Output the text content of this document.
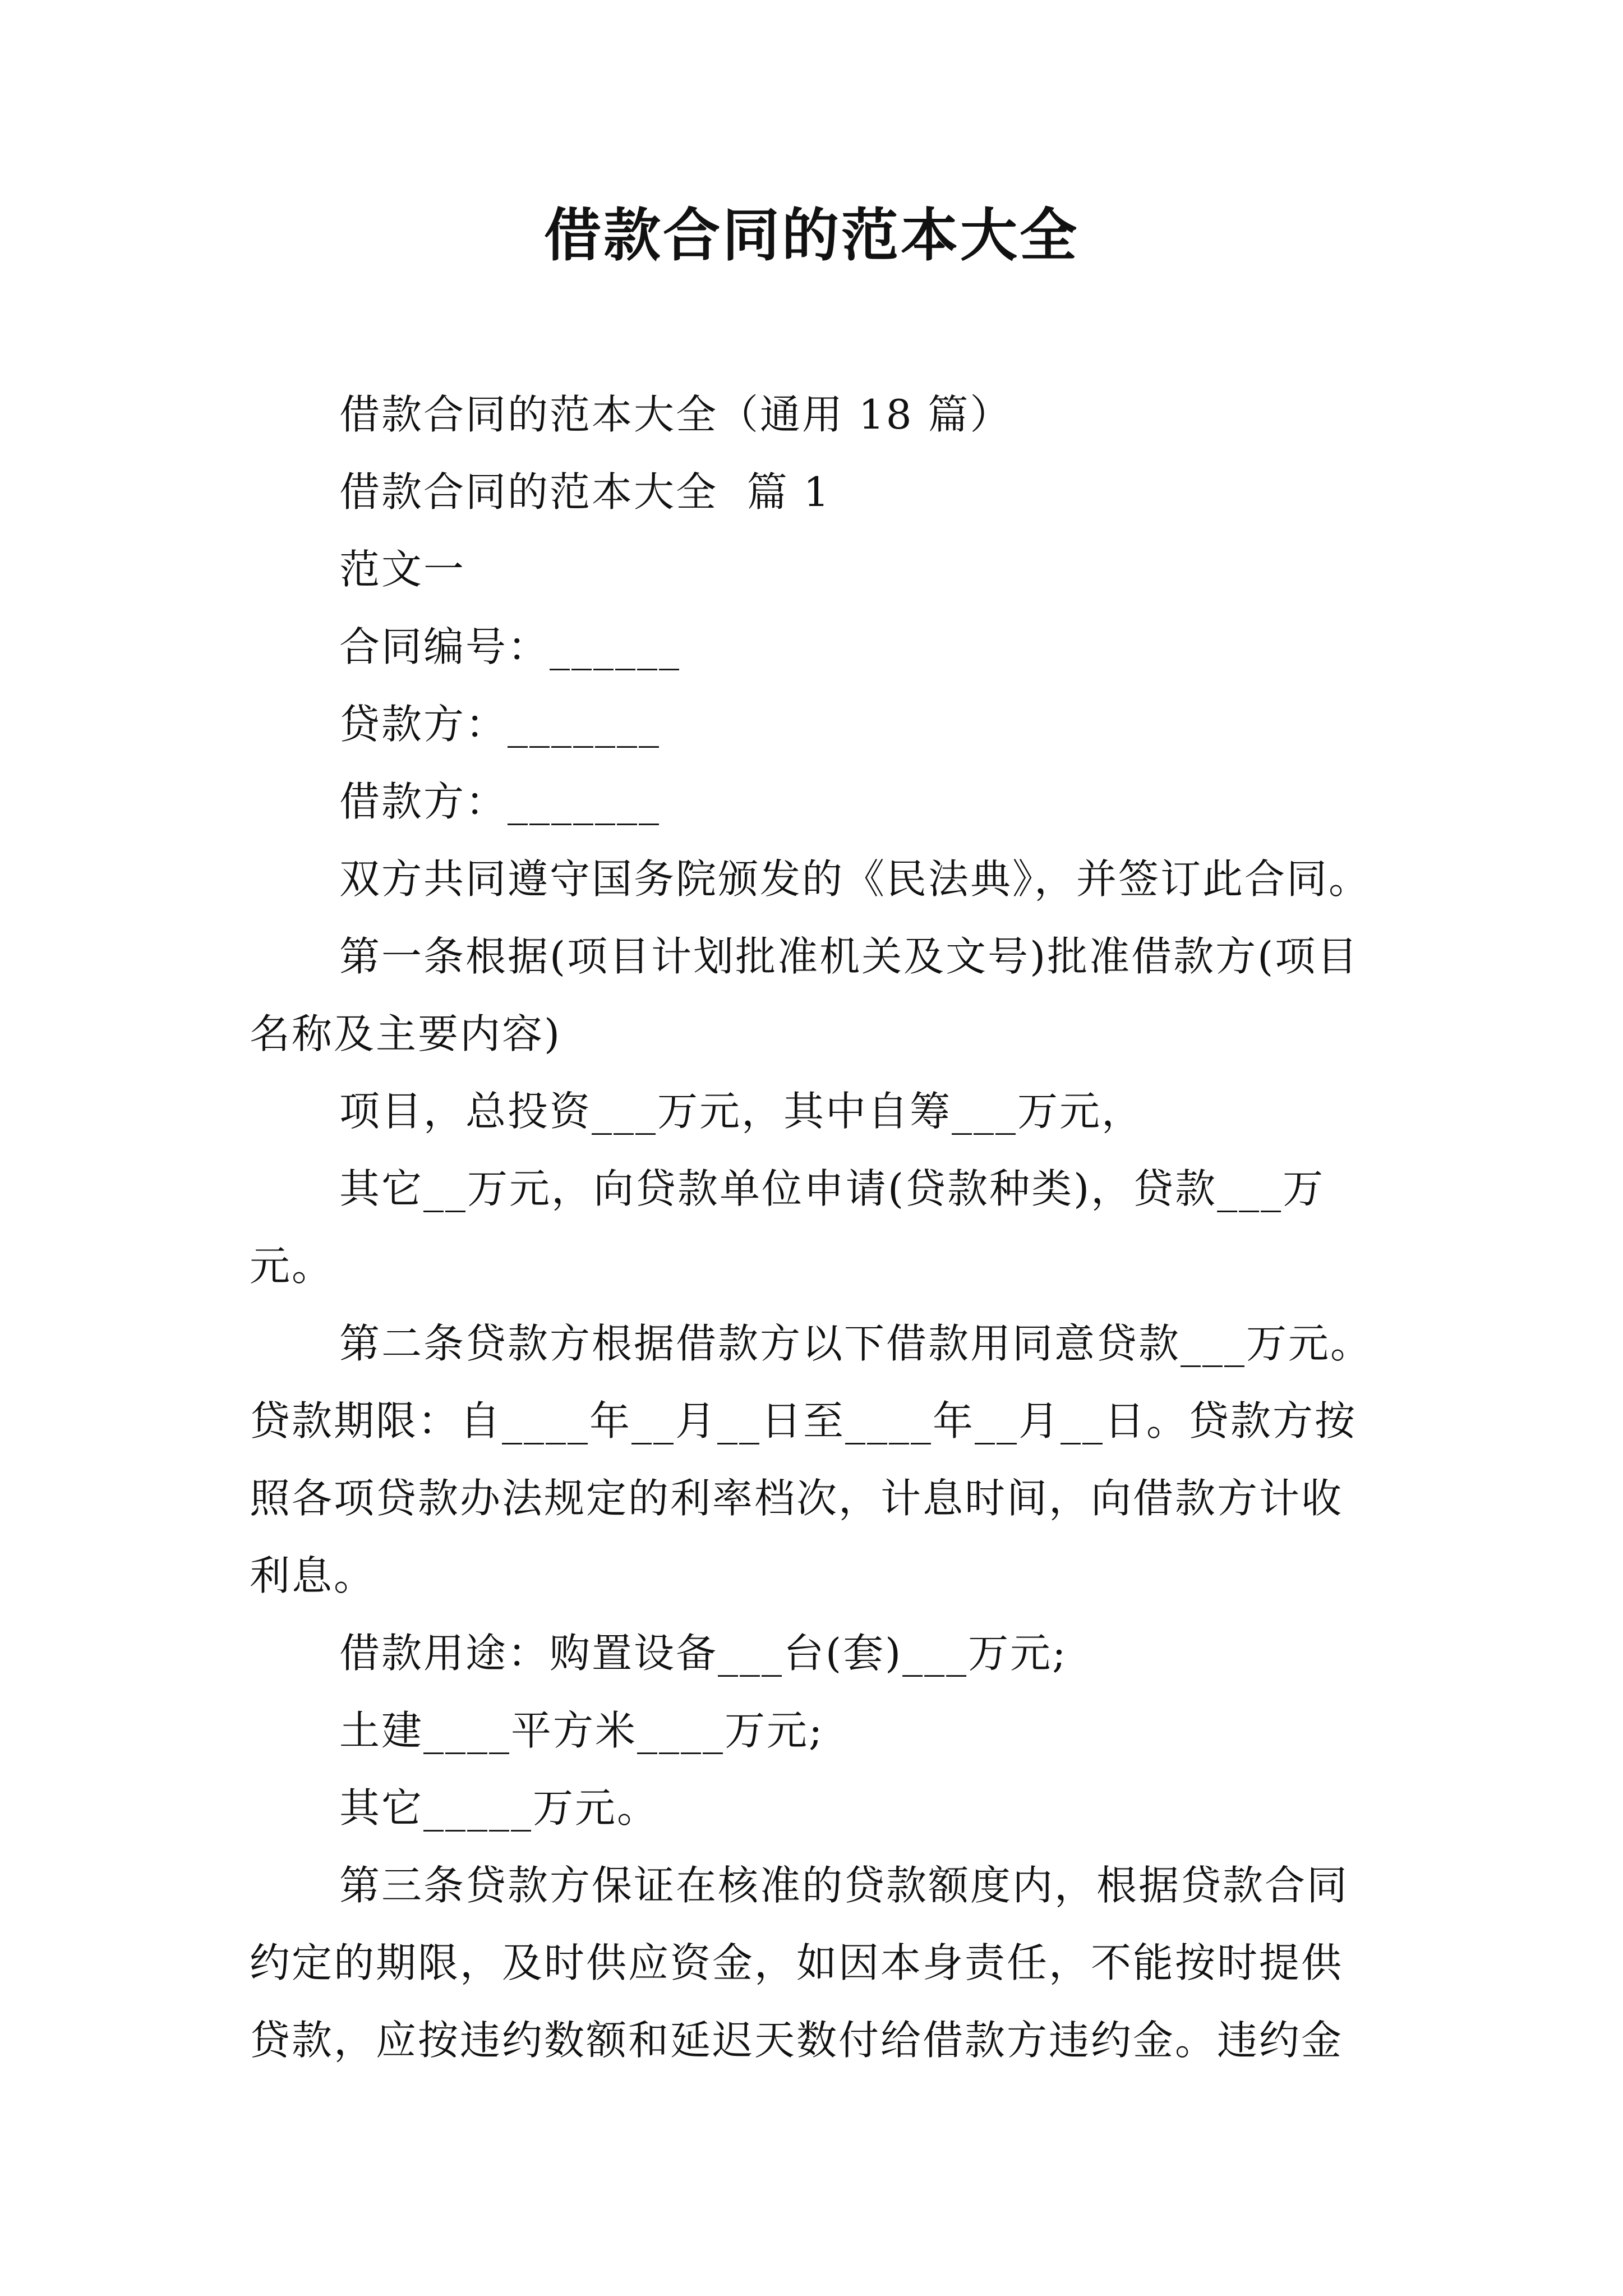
借款合同的范本大全

借款合同的范本大全（通用 18 篇）

借款合同的范本大全  篇 1

范文一

合同编号：______

贷款方：_______

借款方：_______

双方共同遵守国务院颁发的《民法典》，并签订此合同。

第一条根据(项目计划批准机关及文号)批准借款方(项目名称及主要内容)

项目，总投资___万元，其中自筹___万元，

其它__万元，向贷款单位申请(贷款种类)，贷款___万元。

第二条贷款方根据借款方以下借款用同意贷款___万元。贷款期限：自____年__月__日至____年__月__日。贷款方按照各项贷款办法规定的利率档次，计息时间，向借款方计收利息。

借款用途：购置设备___台(套)___万元;

土建____平方米____万元;

其它_____万元。

第三条贷款方保证在核准的贷款额度内，根据贷款合同约定的期限，及时供应资金，如因本身责任，不能按时提供贷款，应按违约数额和延迟天数付给借款方违约金。违约金
